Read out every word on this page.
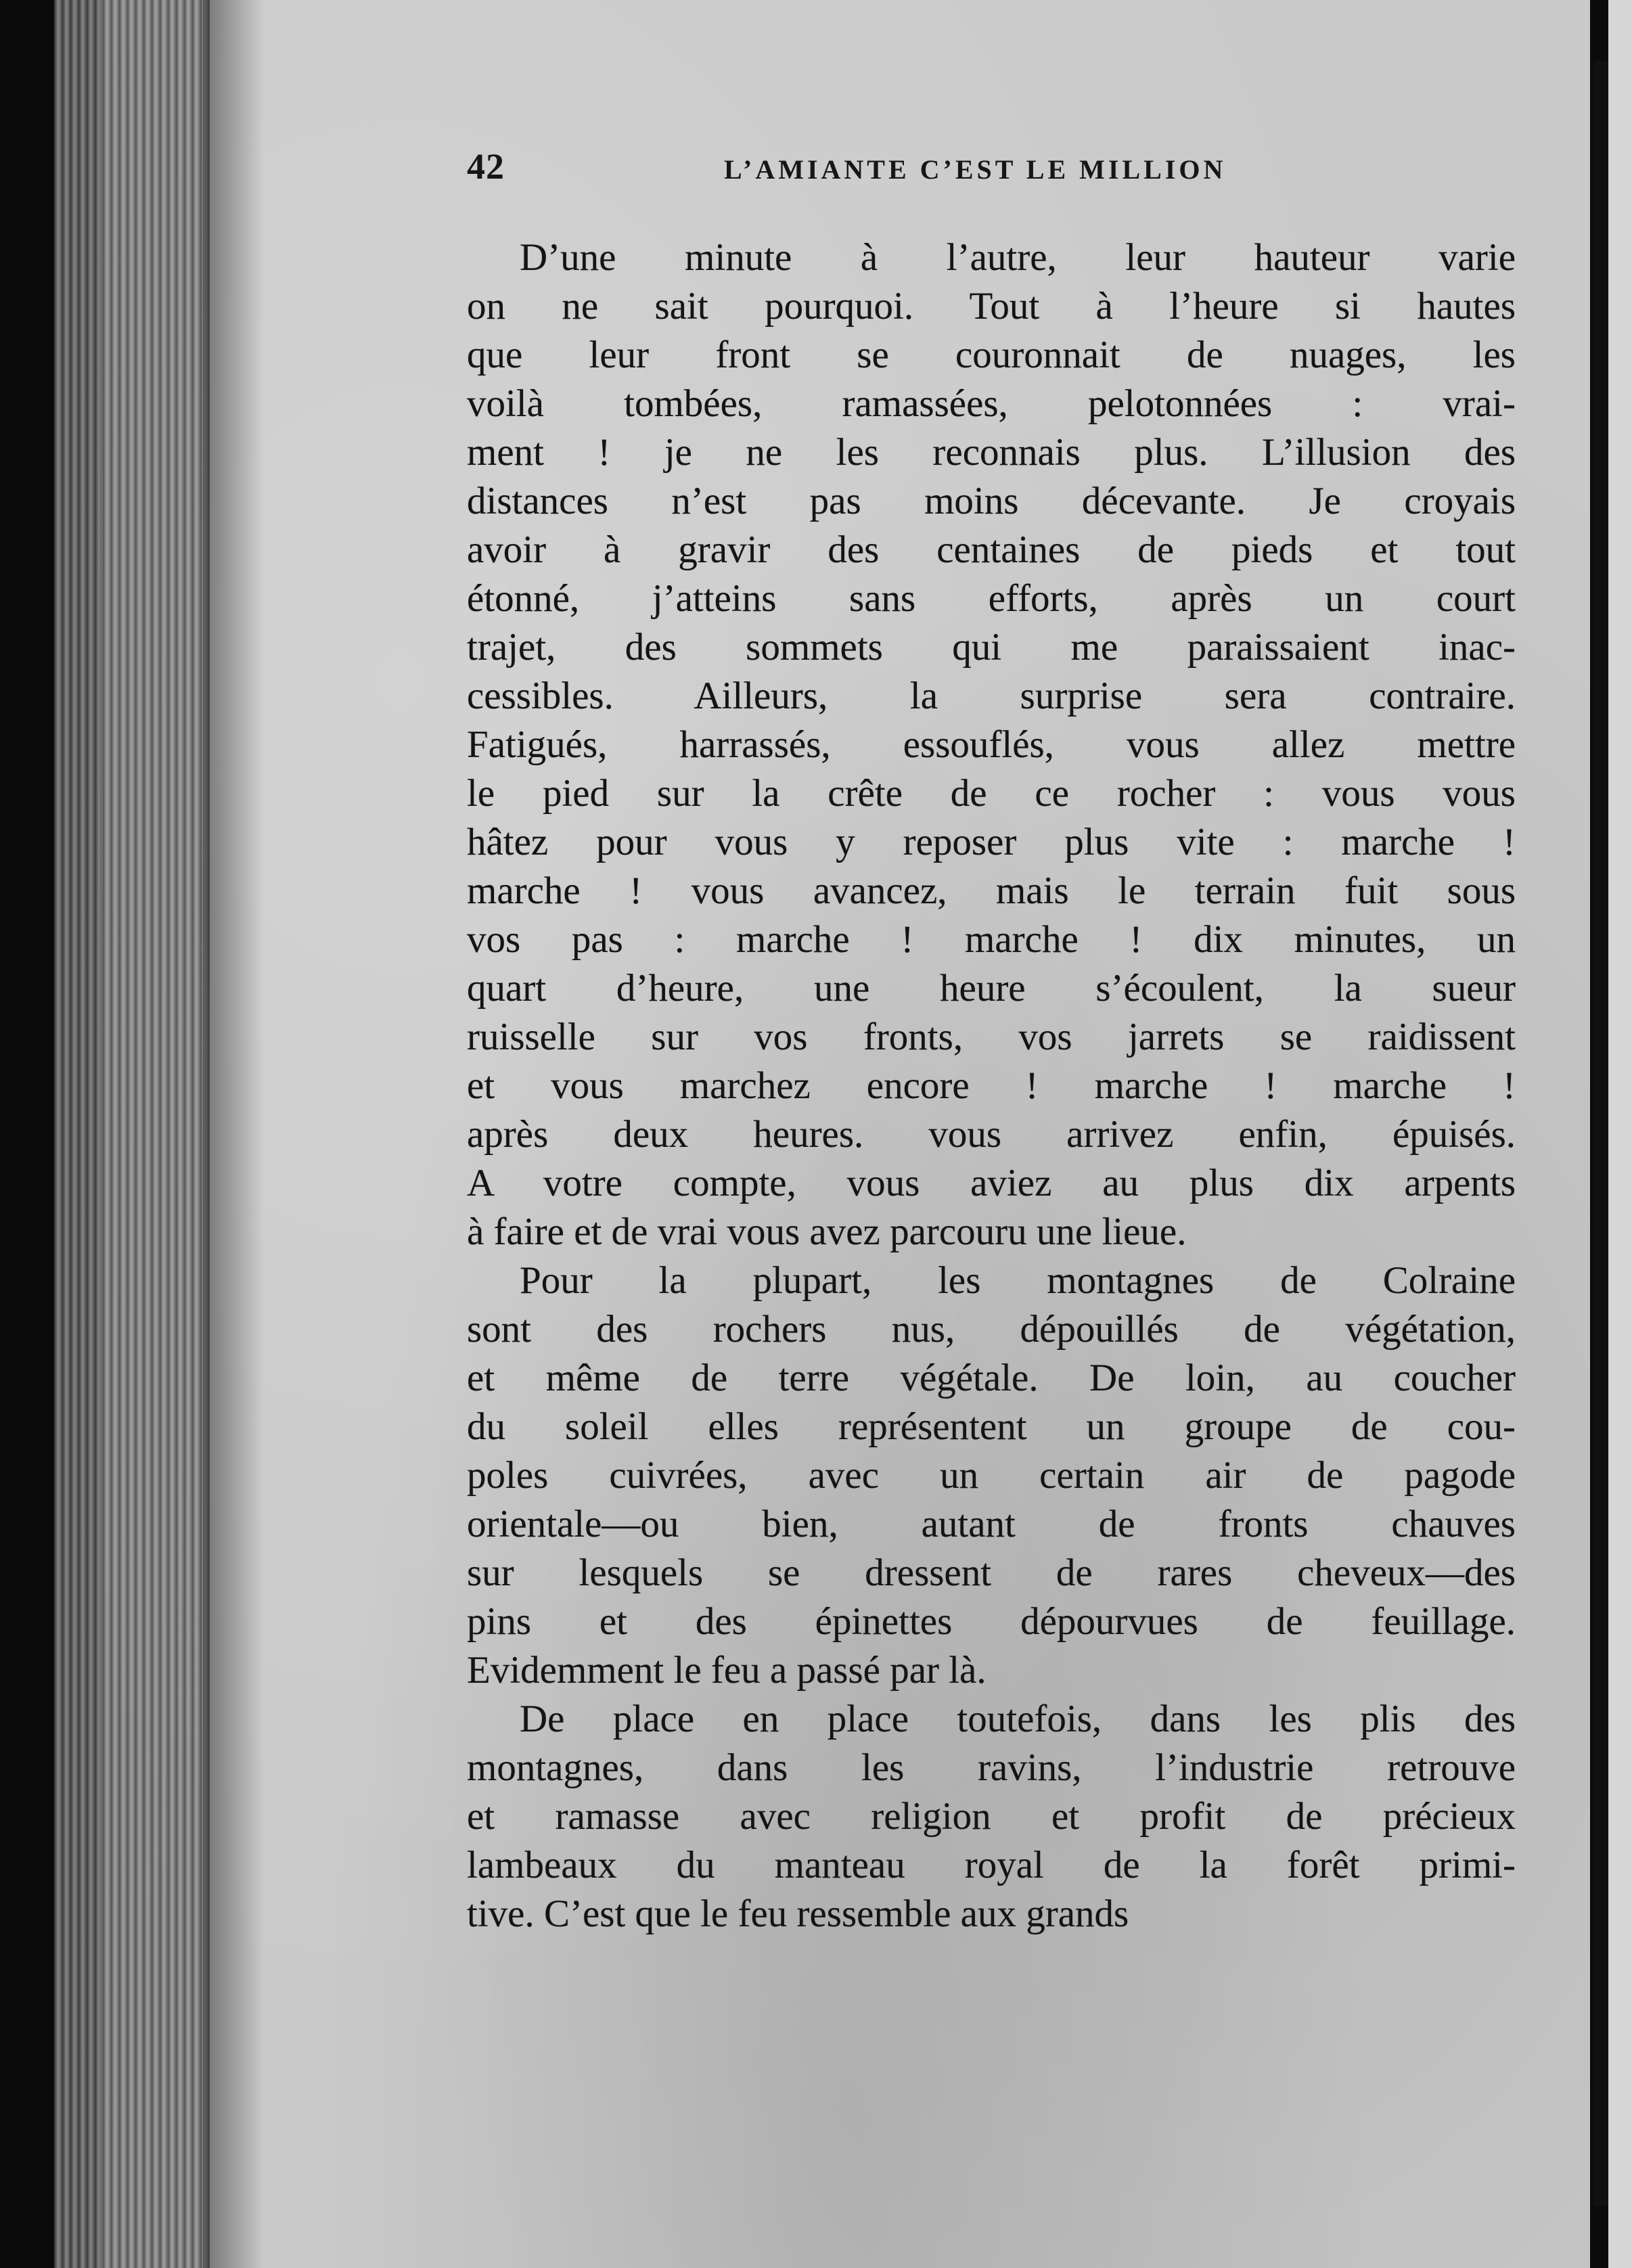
42	L’AMIANTE C’EST LE MILLION
D’une minute à l’autre, leur hauteur varie
on ne sait pourquoi. Tout à l’heure si hautes
que leur front se couronnait de nuages, les
voilà tombées, ramassées, pelotonnées : vrai-
ment ! je ne les reconnais plus. L’illusion des
distances n’est pas moins décevante. Je croyais
avoir à gravir des centaines de pieds et tout
étonné, j’atteins sans efforts, après un court
trajet, des sommets qui me paraissaient inac-
cessibles. Ailleurs, la surprise sera contraire.
Fatigués, harrassés, essouflés, vous allez mettre
le pied sur la crête de ce rocher : vous vous
hâtez pour vous y reposer plus vite : marche !
marche ! vous avancez, mais le terrain fuit sous
vos pas : marche ! marche ! dix minutes, un
quart d’heure, une heure s’écoulent, la sueur
ruisselle sur vos fronts, vos jarrets se raidissent
et vous marchez encore ! marche ! marche !
après deux heures. vous arrivez enfin, épuisés.
A votre compte, vous aviez au plus dix arpents
à faire et de vrai vous avez parcouru une lieue.
Pour la plupart, les montagnes de Colraine
sont des rochers nus, dépouillés de végétation,
et même de terre végétale. De loin, au coucher
du soleil elles représentent un groupe de cou-
poles cuivrées, avec un certain air de pagode
orientale—ou bien, autant de fronts chauves
sur lesquels se dressent de rares cheveux—des
pins et des épinettes dépourvues de feuillage.
Evidemment le feu a passé par là.
De place en place toutefois, dans les plis des
montagnes, dans les ravins, l’industrie retrouve
et ramasse avec religion et profit de précieux
lambeaux du manteau royal de la forêt primi-
tive. C’est que le feu ressemble aux grands
